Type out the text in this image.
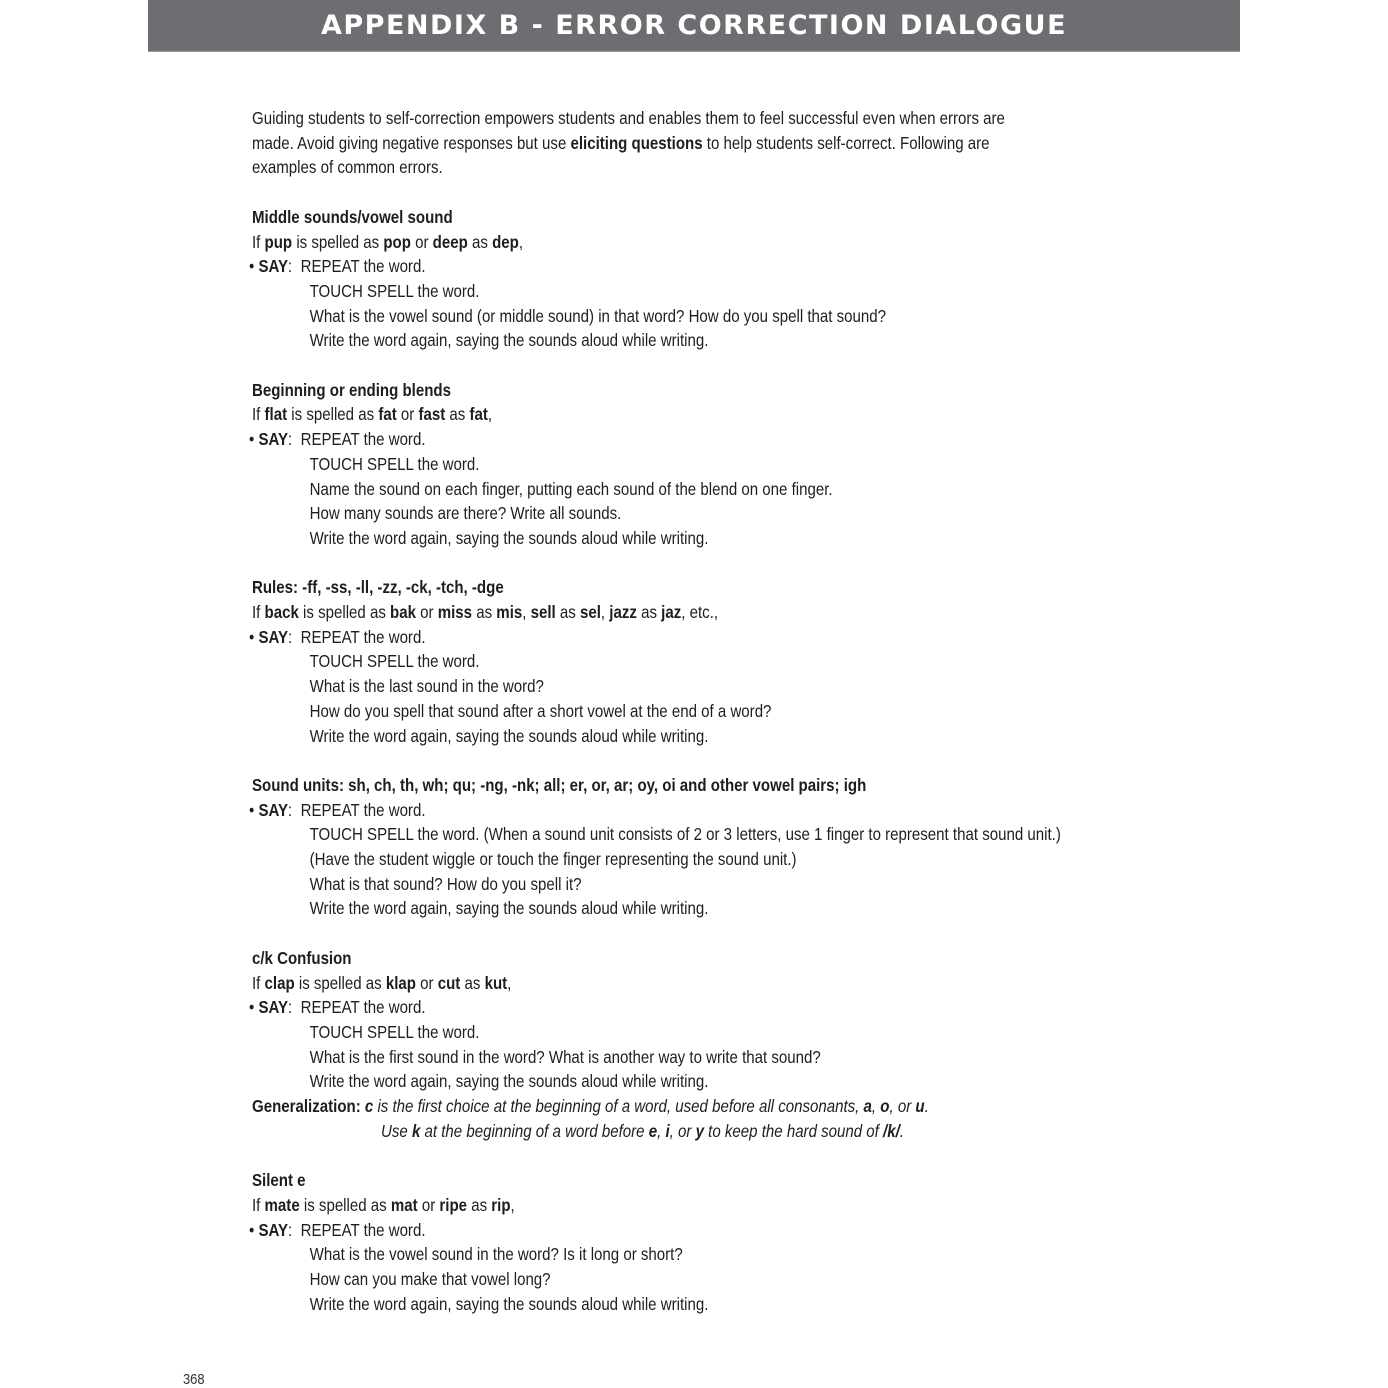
APPENDIX B - ERROR CORRECTION DIALOGUE
Guiding students to self-correction empowers students and enables them to feel successful even when errors are
made. Avoid giving negative responses but use eliciting questions to help students self-correct. Following are
examples of common errors.
Middle sounds/vowel sound
If pup is spelled as pop or deep as dep,
• SAY:  REPEAT the word.
TOUCH SPELL the word.
What is the vowel sound (or middle sound) in that word? How do you spell that sound?
Write the word again, saying the sounds aloud while writing.
Beginning or ending blends
If flat is spelled as fat or fast as fat,
• SAY:  REPEAT the word.
TOUCH SPELL the word.
Name the sound on each finger, putting each sound of the blend on one finger.
How many sounds are there? Write all sounds.
Write the word again, saying the sounds aloud while writing.
Rules: -ff, -ss, -ll, -zz, -ck, -tch, -dge
If back is spelled as bak or miss as mis, sell as sel, jazz as jaz, etc.,
• SAY:  REPEAT the word.
TOUCH SPELL the word.
What is the last sound in the word?
How do you spell that sound after a short vowel at the end of a word?
Write the word again, saying the sounds aloud while writing.
Sound units: sh, ch, th, wh; qu; -ng, -nk; all; er, or, ar; oy, oi and other vowel pairs; igh
• SAY:  REPEAT the word.
TOUCH SPELL the word. (When a sound unit consists of 2 or 3 letters, use 1 finger to represent that sound unit.)
(Have the student wiggle or touch the finger representing the sound unit.)
What is that sound? How do you spell it?
Write the word again, saying the sounds aloud while writing.
c/k Confusion
If clap is spelled as klap or cut as kut,
• SAY:  REPEAT the word.
TOUCH SPELL the word.
What is the first sound in the word? What is another way to write that sound?
Write the word again, saying the sounds aloud while writing.
Generalization: c is the first choice at the beginning of a word, used before all consonants, a, o, or u.
Use k at the beginning of a word before e, i, or y to keep the hard sound of /k/.
Silent e
If mate is spelled as mat or ripe as rip,
• SAY:  REPEAT the word.
What is the vowel sound in the word? Is it long or short?
How can you make that vowel long?
Write the word again, saying the sounds aloud while writing.
368
